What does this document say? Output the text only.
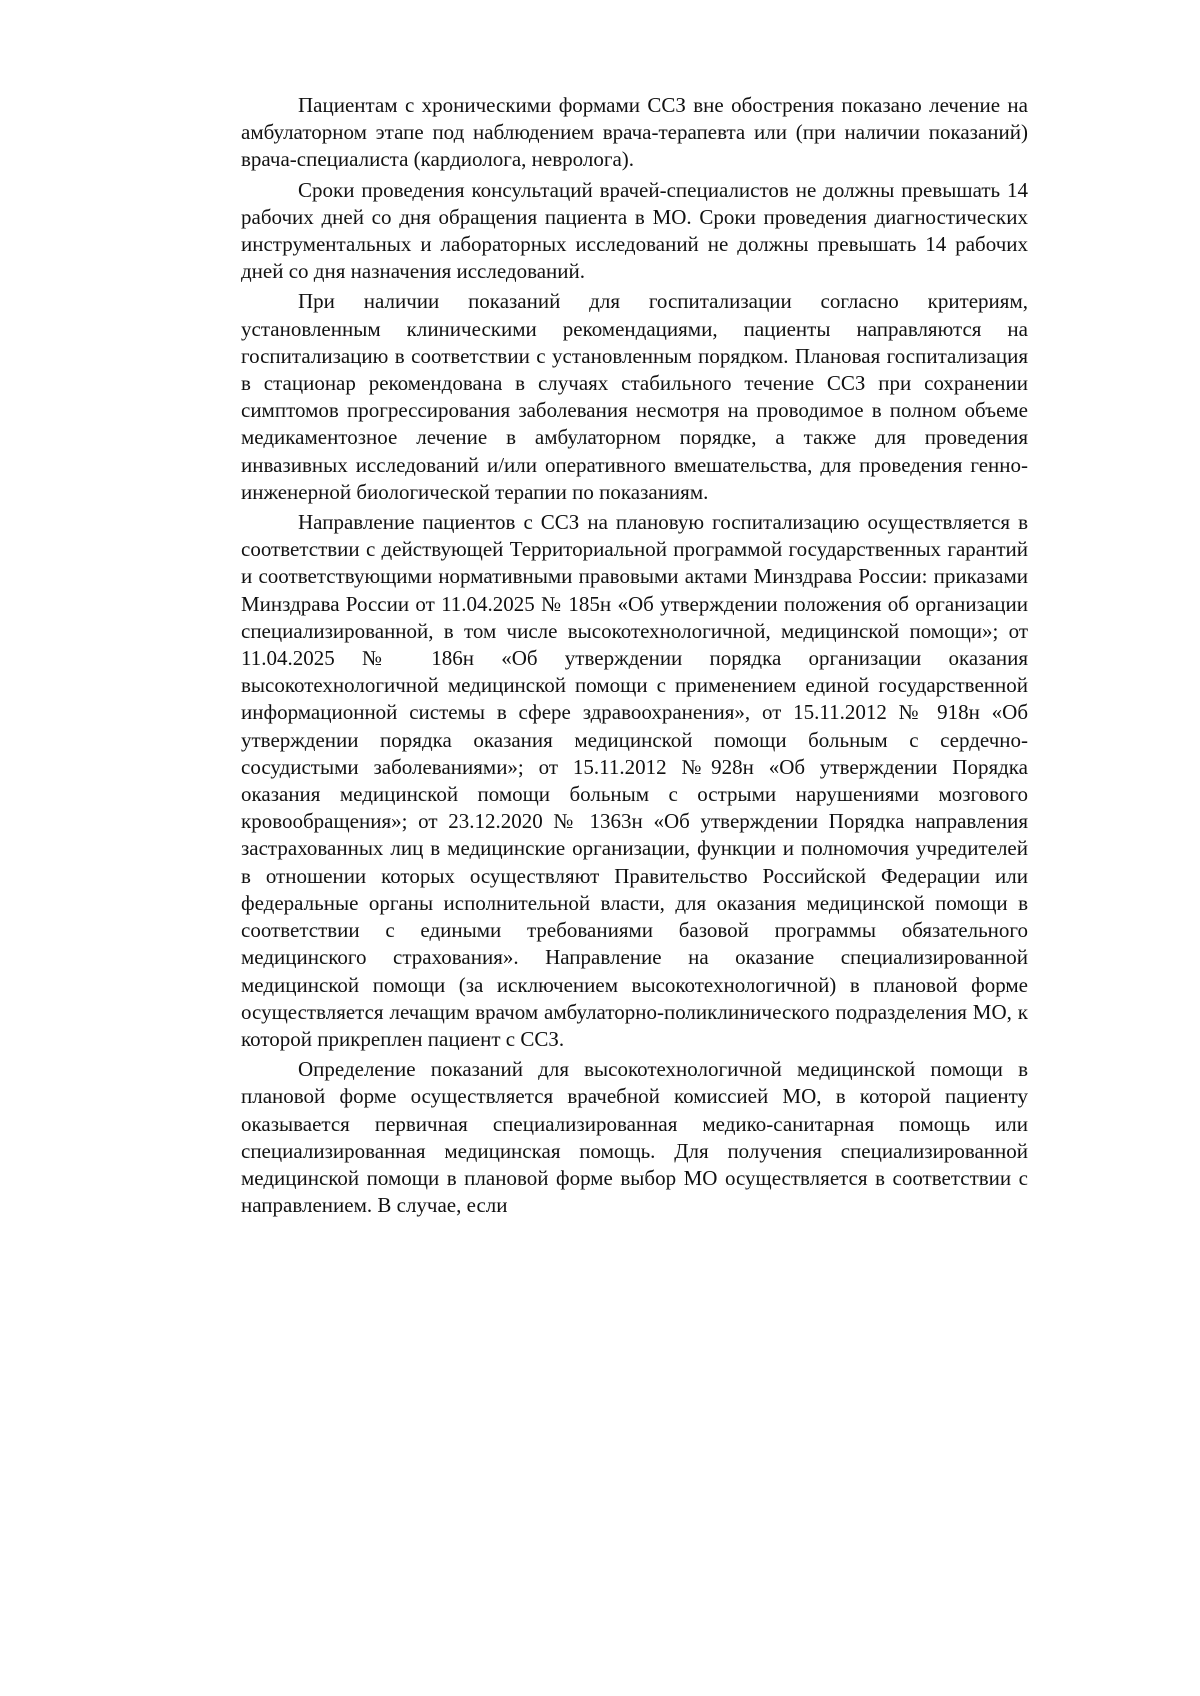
Пациентам с хроническими формами ССЗ вне обострения показано лечение на амбулаторном этапе под наблюдением врача-терапевта или (при наличии показаний) врача-специалиста (кардиолога, невролога).

Сроки проведения консультаций врачей-специалистов не должны превышать 14 рабочих дней со дня обращения пациента в МО. Сроки проведения диагностических инструментальных и лабораторных исследований не должны превышать 14 рабочих дней со дня назначения исследований.

При наличии показаний для госпитализации согласно критериям, установленным клиническими рекомендациями, пациенты направляются на госпитализацию в соответствии с установленным порядком. Плановая госпитализация в стационар рекомендована в случаях стабильного течение ССЗ при сохранении симптомов прогрессирования заболевания несмотря на проводимое в полном объеме медикаментозное лечение в амбулаторном порядке, а также для проведения инвазивных исследований и/или оперативного вмешательства, для проведения генно-инженерной биологической терапии по показаниям.

Направление пациентов с ССЗ на плановую госпитализацию осуществляется в соответствии с действующей Территориальной программой государственных гарантий и соответствующими нормативными правовыми актами Минздрава России: приказами Минздрава России от 11.04.2025 № 185н «Об утверждении положения об организации специализированной, в том числе высокотехнологичной, медицинской помощи»; от 11.04.2025 № 186н «Об утверждении порядка организации оказания высокотехнологичной медицинской помощи с применением единой государственной информационной системы в сфере здравоохранения», от 15.11.2012 № 918н «Об утверждении порядка оказания медицинской помощи больным с сердечно-сосудистыми заболеваниями»; от 15.11.2012 №928н «Об утверждении Порядка оказания медицинской помощи больным с острыми нарушениями мозгового кровообращения»; от 23.12.2020 № 1363н «Об утверждении Порядка направления застрахованных лиц в медицинские организации, функции и полномочия учредителей в отношении которых осуществляют Правительство Российской Федерации или федеральные органы исполнительной власти, для оказания медицинской помощи в соответствии с едиными требованиями базовой программы обязательного медицинского страхования». Направление на оказание специализированной медицинской помощи (за исключением высокотехнологичной) в плановой форме осуществляется лечащим врачом амбулаторно-поликлинического подразделения МО, к которой прикреплен пациент с ССЗ.

Определение показаний для высокотехнологичной медицинской помощи в плановой форме осуществляется врачебной комиссией МО, в которой пациенту оказывается первичная специализированная медико-санитарная помощь или специализированная медицинская помощь. Для получения специализированной медицинской помощи в плановой форме выбор МО осуществляется в соответствии с направлением. В случае, если
